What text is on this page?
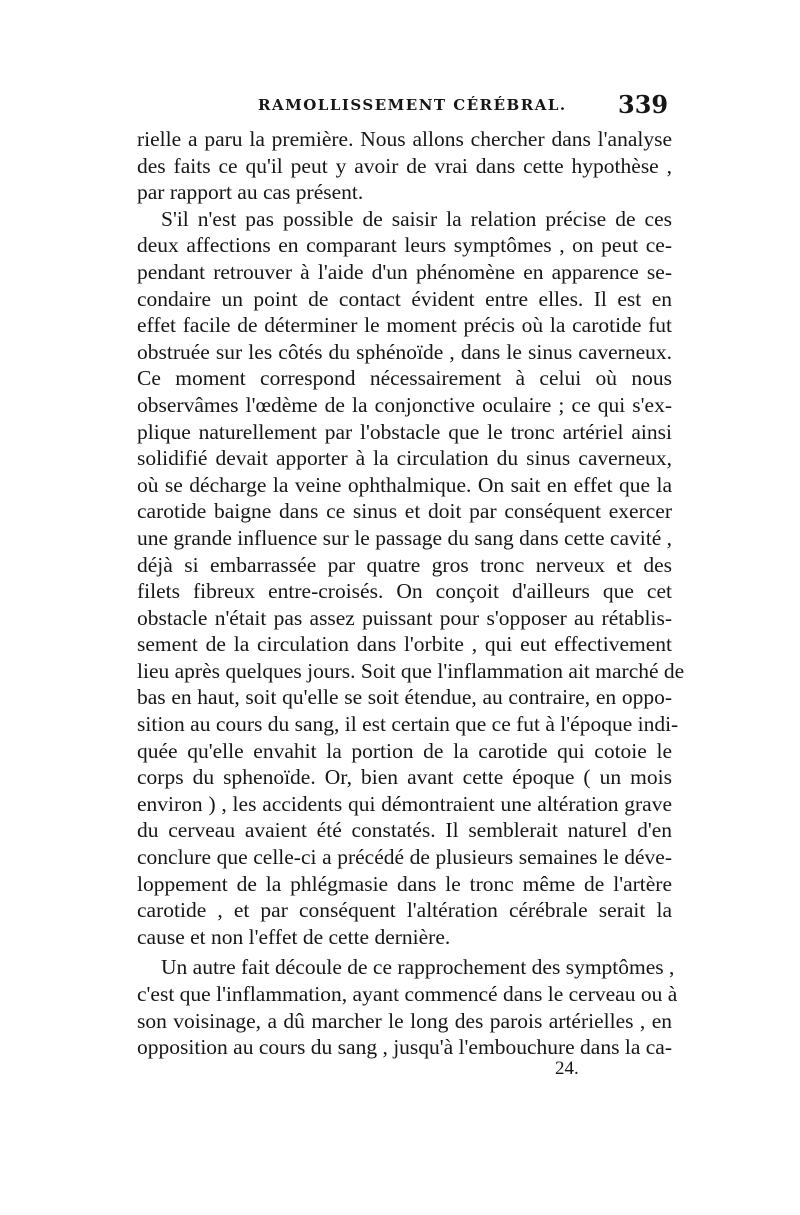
RAMOLLISSEMENT CÉRÉBRAL. 339
rielle a paru la première. Nous allons chercher dans l'analyse
des faits ce qu'il peut y avoir de vrai dans cette hypothèse ,
par rapport au cas présent.
S'il n'est pas possible de saisir la relation précise de ces
deux affections en comparant leurs symptômes , on peut ce-
pendant retrouver à l'aide d'un phénomène en apparence se-
condaire un point de contact évident entre elles. Il est en
effet facile de déterminer le moment précis où la carotide fut
obstruée sur les côtés du sphénoïde , dans le sinus caverneux.
Ce moment correspond nécessairement à celui où nous
observâmes l'œdème de la conjonctive oculaire ; ce qui s'ex-
plique naturellement par l'obstacle que le tronc artériel ainsi
solidifié devait apporter à la circulation du sinus caverneux,
où se décharge la veine ophthalmique. On sait en effet que la
carotide baigne dans ce sinus et doit par conséquent exercer
une grande influence sur le passage du sang dans cette cavité ,
déjà si embarrassée par quatre gros tronc nerveux et des
filets fibreux entre-croisés. On conçoit d'ailleurs que cet
obstacle n'était pas assez puissant pour s'opposer au rétablis-
sement de la circulation dans l'orbite , qui eut effectivement
lieu après quelques jours. Soit que l'inflammation ait marché de
bas en haut, soit qu'elle se soit étendue, au contraire, en oppo-
sition au cours du sang, il est certain que ce fut à l'époque indi-
quée qu'elle envahit la portion de la carotide qui cotoie le
corps du sphenoïde. Or, bien avant cette époque ( un mois
environ ) , les accidents qui démontraient une altération grave
du cerveau avaient été constatés. Il semblerait naturel d'en
conclure que celle-ci a précédé de plusieurs semaines le déve-
loppement de la phlégmasie dans le tronc même de l'artère
carotide , et par conséquent l'altération cérébrale serait la
cause et non l'effet de cette dernière.
Un autre fait découle de ce rapprochement des symptômes ,
c'est que l'inflammation, ayant commencé dans le cerveau ou à
son voisinage, a dû marcher le long des parois artérielles , en
opposition au cours du sang , jusqu'à l'embouchure dans la ca-
24.
